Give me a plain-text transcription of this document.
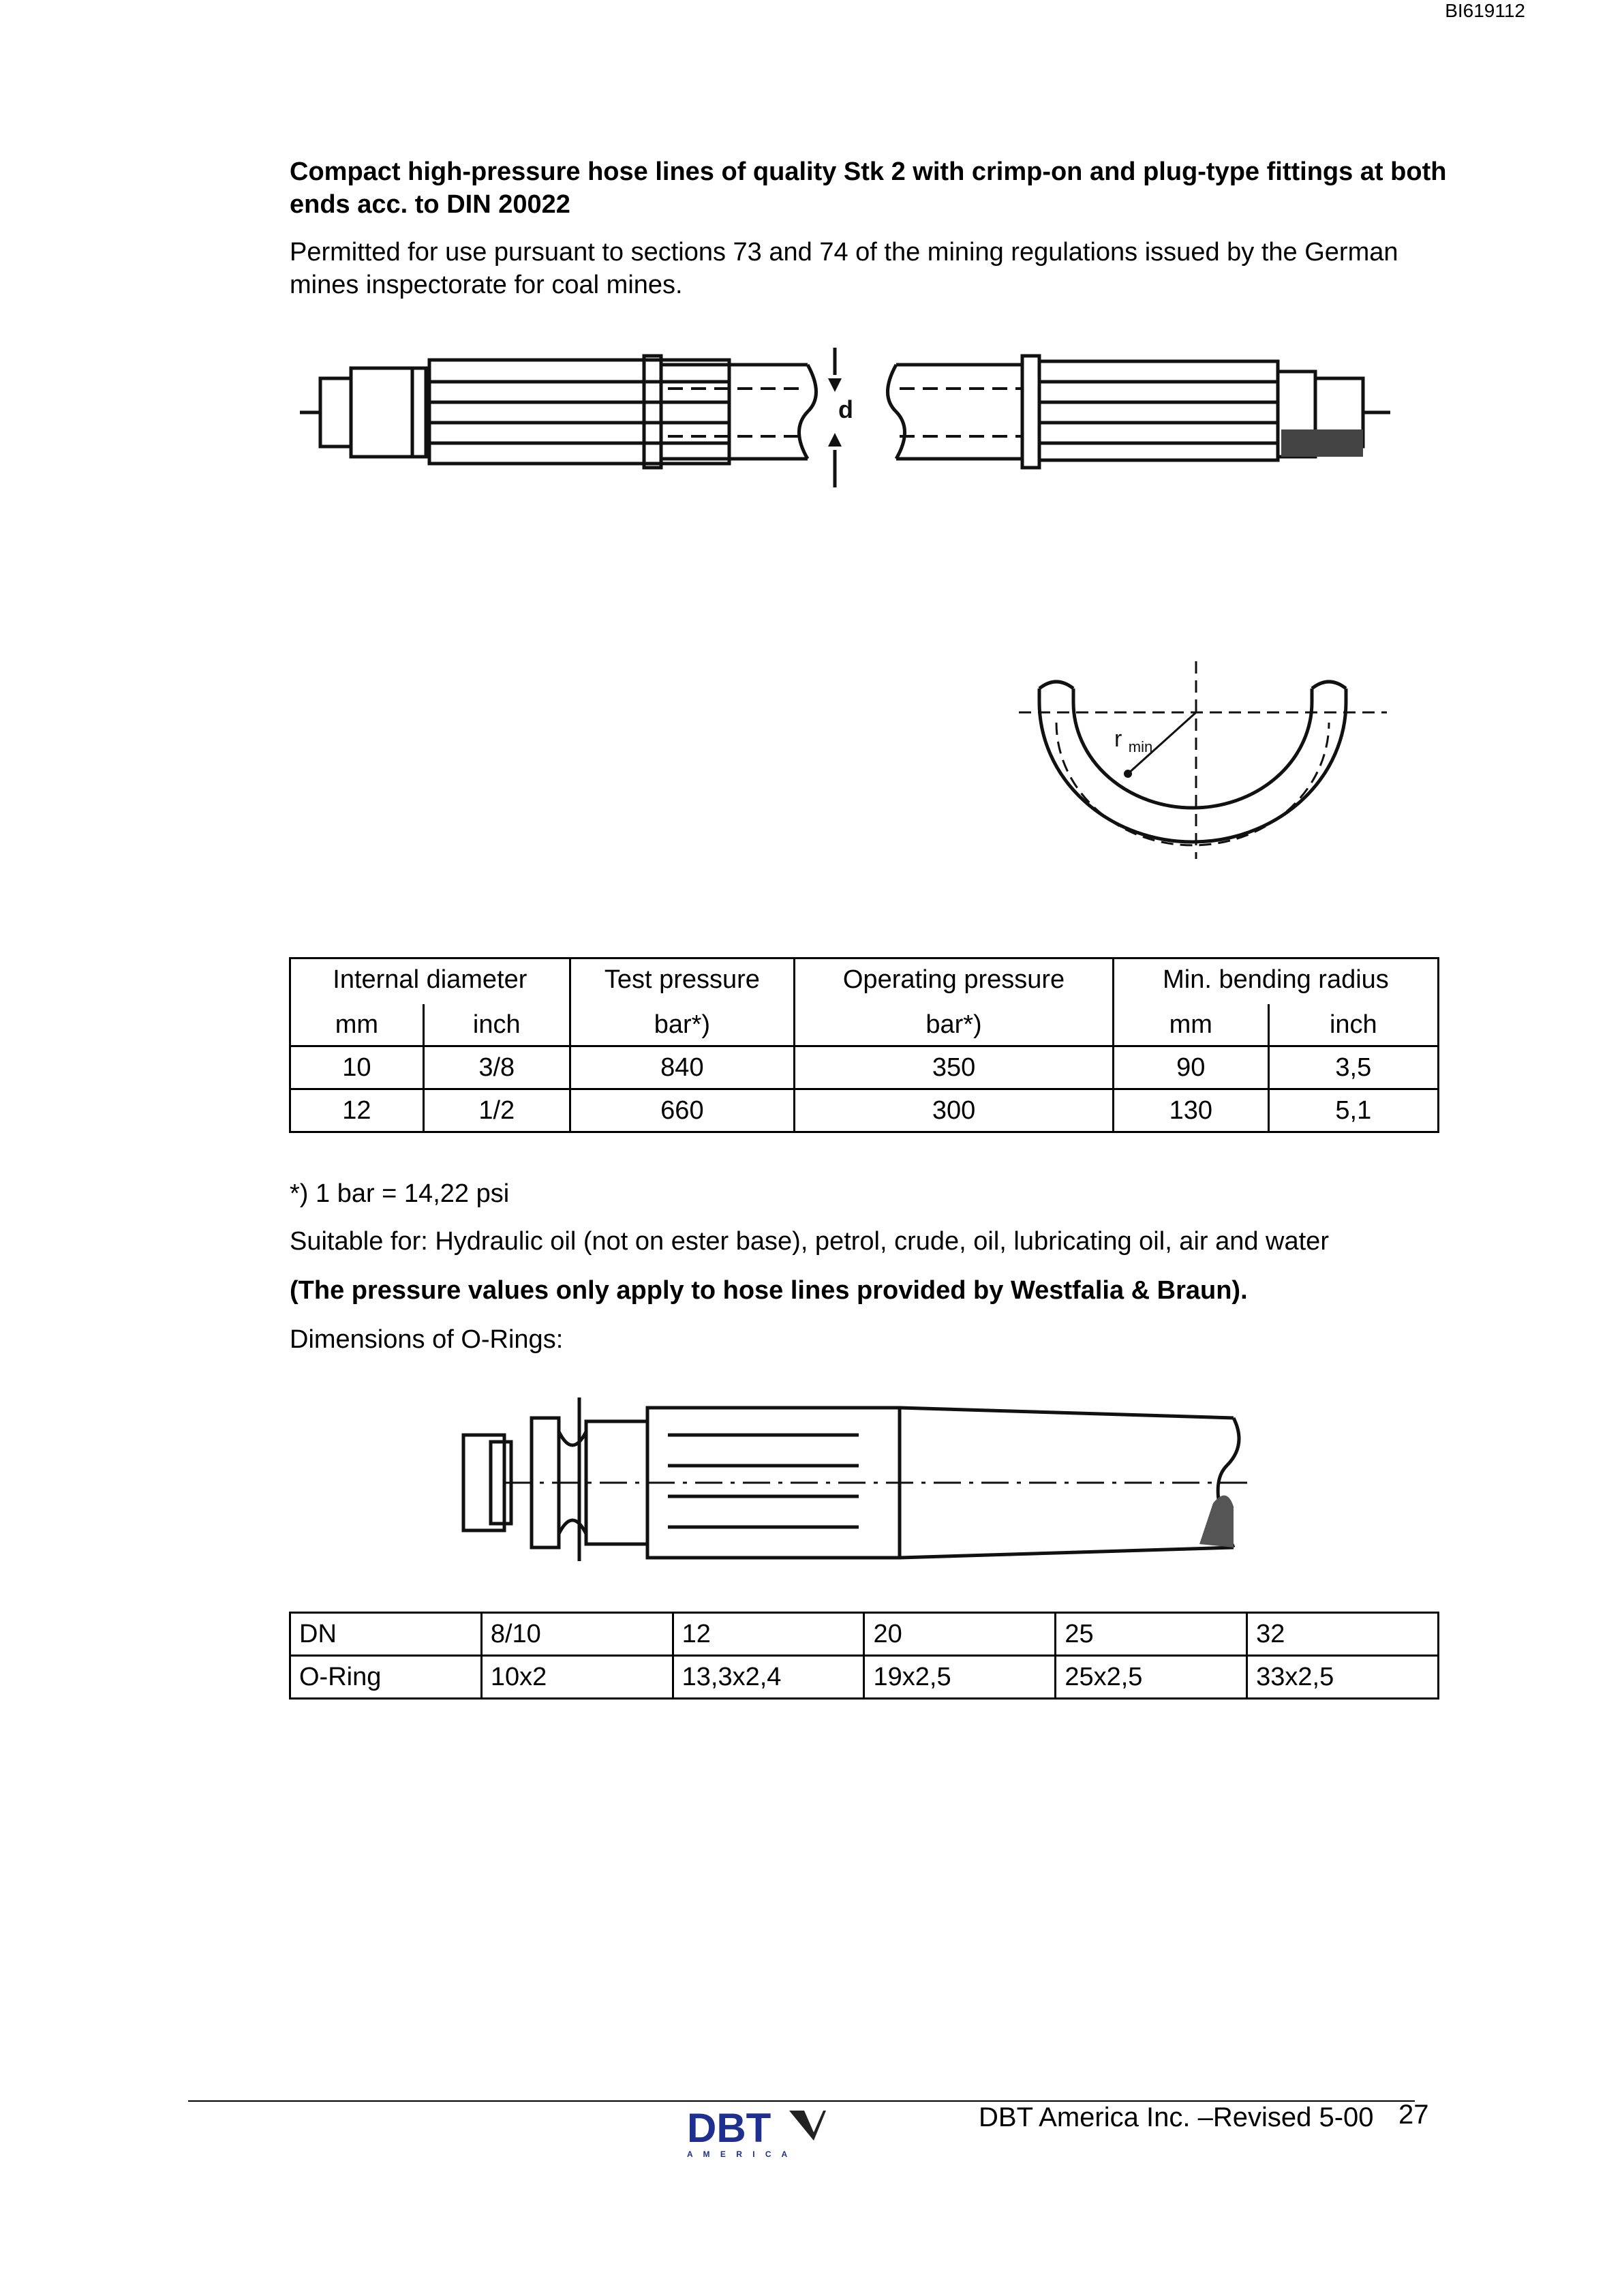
BI619112
Compact high-pressure hose lines of quality Stk 2 with crimp-on and plug-type fittings at both ends acc. to DIN 20022
Permitted for use pursuant to sections 73 and 74 of the mining regulations issued by the German mines inspectorate for coal mines.
d
r $_{min}$
Internal diameter		Test pressure	Operating pressure	Min. bending radius	
mm	inch	bar*)	bar*)	mm	inch
10	3/8	840	350	90	3,5
12	1/2	660	300	130	5,1
*) 1 bar = 14,22 psi
Suitable for: Hydraulic oil (not on ester base), petrol, crude, oil, lubricating oil, air and water
(The pressure values only apply to hose lines provided by Westfalia & Braun).
Dimensions of O-Rings:
DN	8/10	12	20	25	32
O-Ring	10x2	13,3x2,4	19x2,5	25x2,5	33x2,5
DBT
A M E R I C A
DBT America Inc. –Revised 5-00 27
